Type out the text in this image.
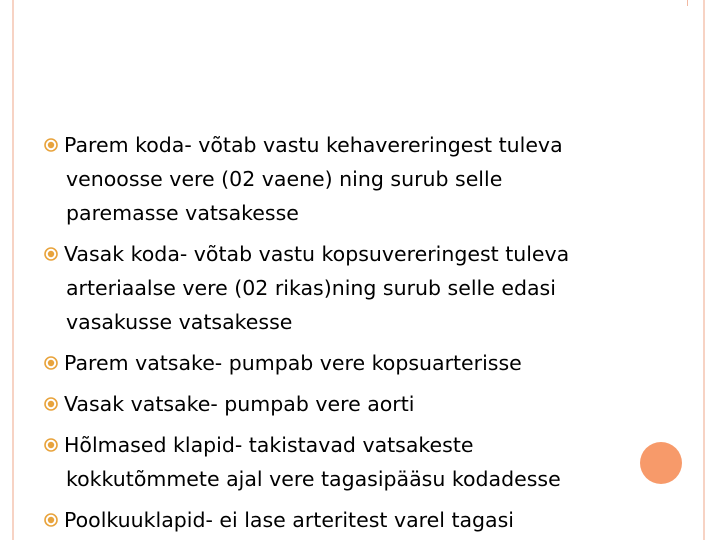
Parem koda- võtab vastu kehavereringest tuleva
venoosse vere (02 vaene) ning surub selle
paremasse vatsakesse
Vasak koda- võtab vastu kopsuvereringest tuleva
arteriaalse vere (02 rikas)ning surub selle edasi
vasakusse vatsakesse
Parem vatsake- pumpab vere kopsuarterisse
Vasak vatsake- pumpab vere aorti
Hõlmased klapid- takistavad vatsakeste
kokkutõmmete ajal vere tagasipääsu kodadesse
Poolkuuklapid- ei lase arteritest varel tagasi
